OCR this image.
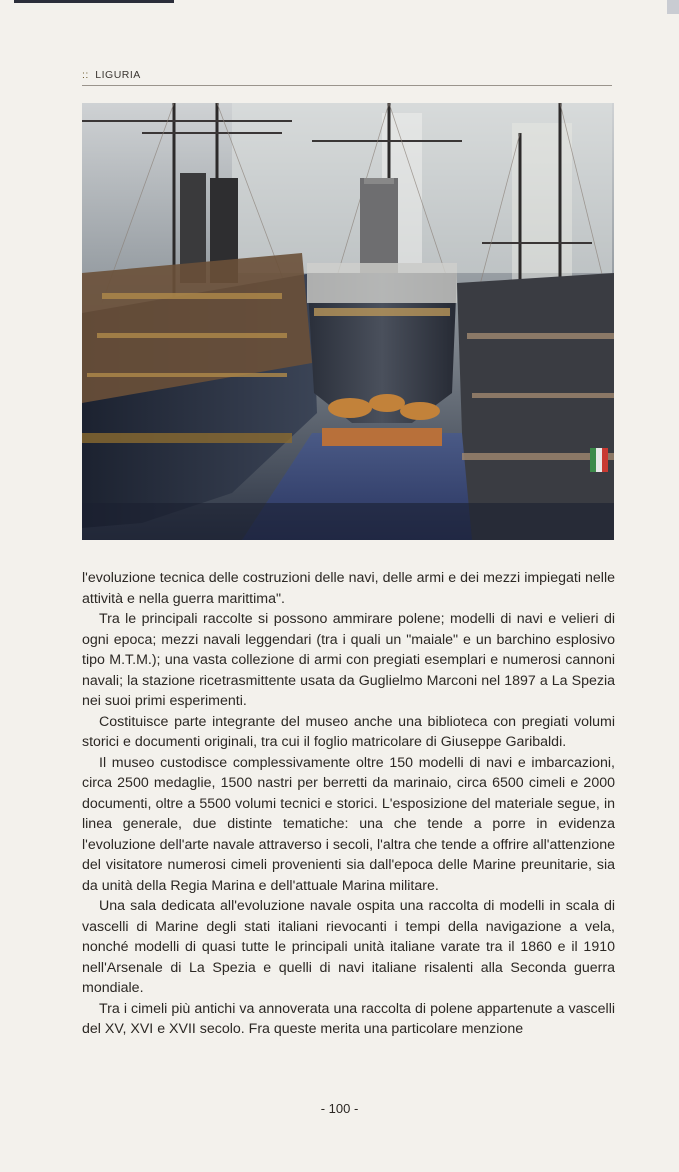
:: LIGURIA

l'evoluzione tecnica delle costruzioni delle navi, delle armi e dei mezzi impiegati nelle attività e nella guerra marittima".

Tra le principali raccolte si possono ammirare polene; modelli di navi e velieri di ogni epoca; mezzi navali leggendari (tra i quali un "maiale" e un barchino esplosivo tipo M.T.M.); una vasta collezione di armi con pregiati esemplari e numerosi cannoni navali; la stazione ricetrasmittente usata da Guglielmo Marconi nel 1897 a La Spezia nei suoi primi esperimenti.

Costituisce parte integrante del museo anche una biblioteca con pregiati volumi storici e documenti originali, tra cui il foglio matricolare di Giuseppe Garibaldi.

Il museo custodisce complessivamente oltre 150 modelli di navi e imbarcazioni, circa 2500 medaglie, 1500 nastri per berretti da marinaio, circa 6500 cimeli e 2000 documenti, oltre a 5500 volumi tecnici e storici. L'esposizione del materiale segue, in linea generale, due distinte tematiche: una che tende a porre in evidenza l'evoluzione dell'arte navale attraverso i secoli, l'altra che tende a offrire all'attenzione del visitatore numerosi cimeli provenienti sia dall'epoca delle Marine preunitarie, sia da unità della Regia Marina e dell'attuale Marina militare.

Una sala dedicata all'evoluzione navale ospita una raccolta di modelli in scala di vascelli di Marine degli stati italiani rievocanti i tempi della navigazione a vela, nonché modelli di quasi tutte le principali unità italiane varate tra il 1860 e il 1910 nell'Arsenale di La Spezia e quelli di navi italiane risalenti alla Seconda guerra mondiale.

Tra i cimeli più antichi va annoverata una raccolta di polene appartenute a vascelli del XV, XVI e XVII secolo. Fra queste merita una particolare menzione

- 100 -
